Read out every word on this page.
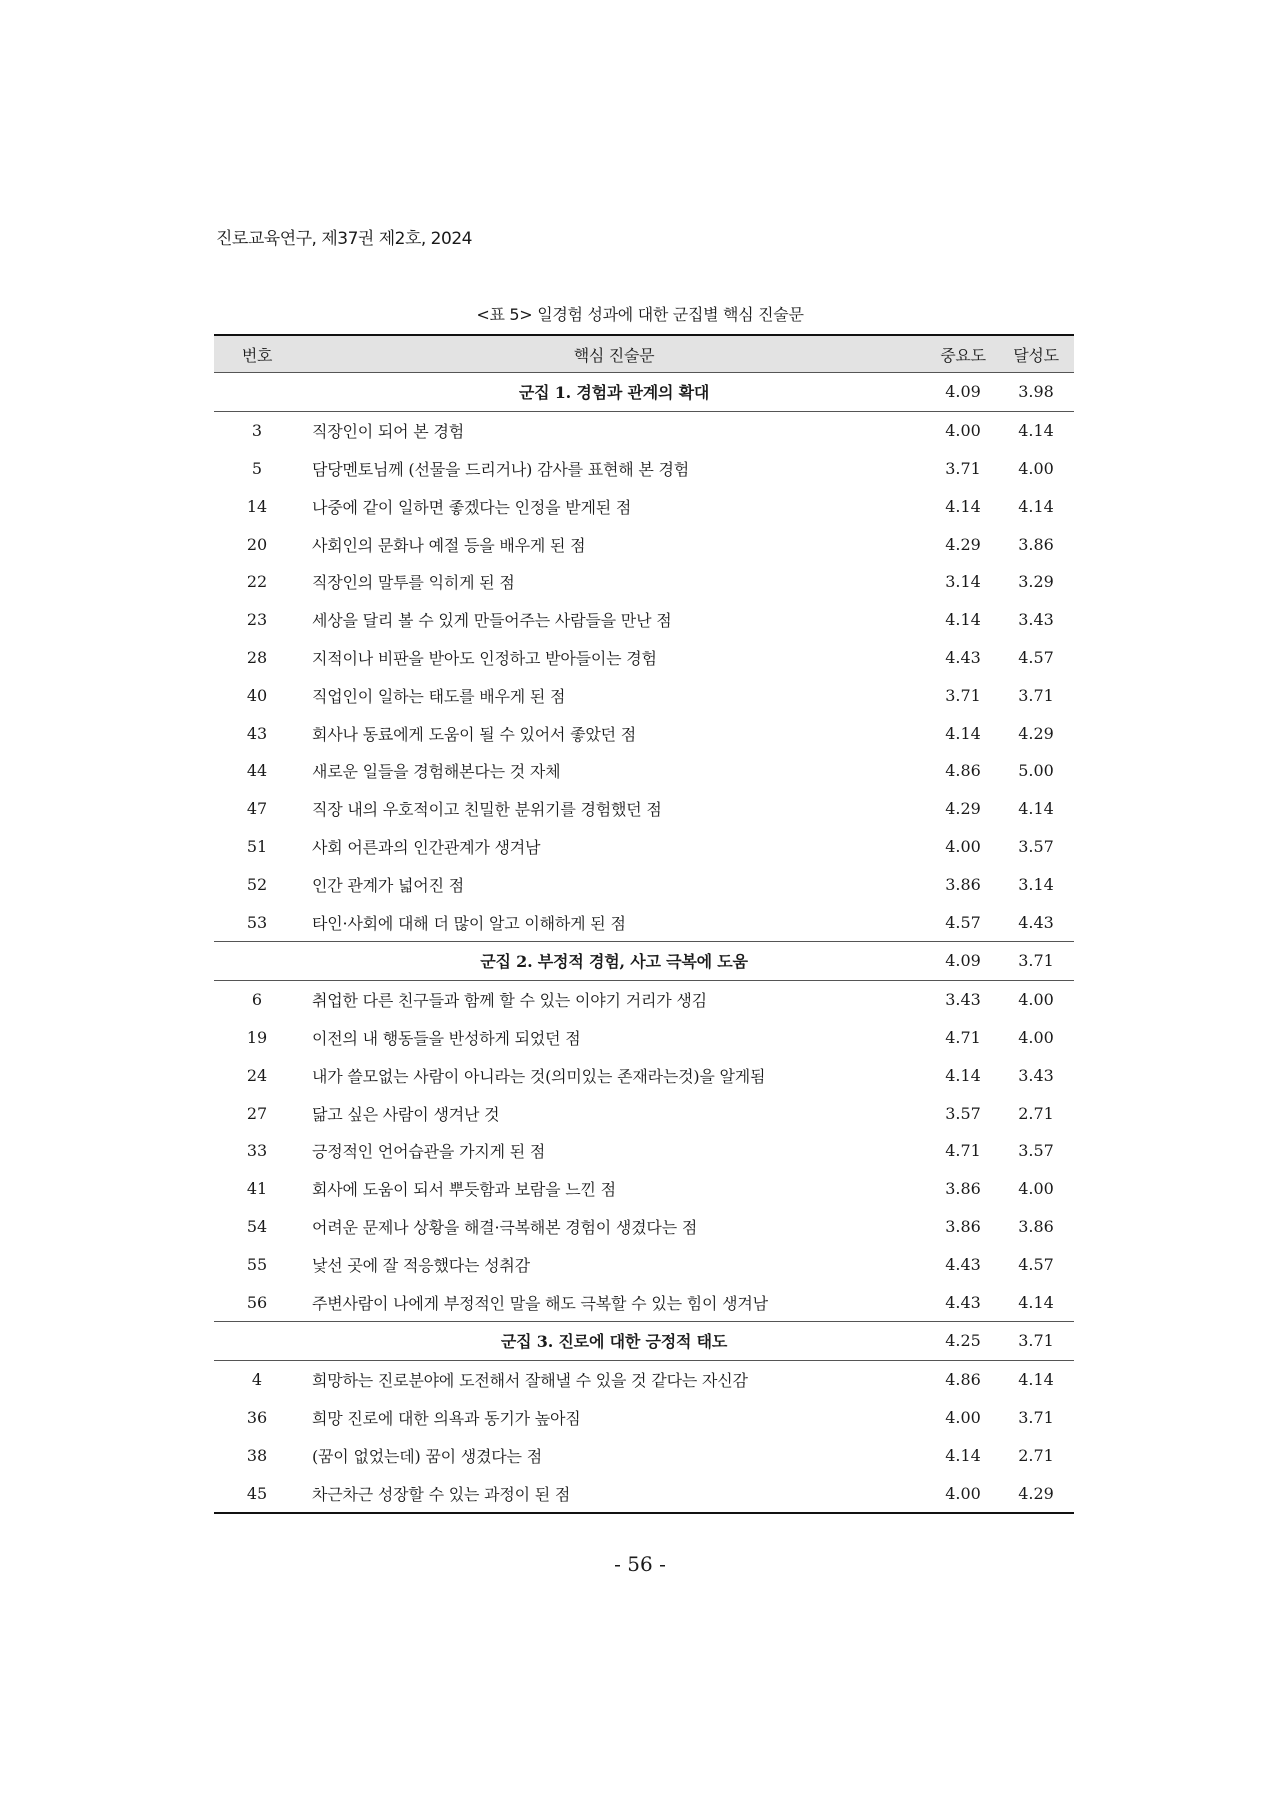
진로교육연구, 제37권 제2호, 2024
<표 5> 일경험 성과에 대한 군집별 핵심 진술문
번호	핵심 진술문	중요도	달성도
	군집 1. 경험과 관계의 확대	4.09	3.98
3	직장인이 되어 본 경험	4.00	4.14
5	담당멘토님께 (선물을 드리거나) 감사를 표현해 본 경험	3.71	4.00
14	나중에 같이 일하면 좋겠다는 인정을 받게된 점	4.14	4.14
20	사회인의 문화나 예절 등을 배우게 된 점	4.29	3.86
22	직장인의 말투를 익히게 된 점	3.14	3.29
23	세상을 달리 볼 수 있게 만들어주는 사람들을 만난 점	4.14	3.43
28	지적이나 비판을 받아도 인정하고 받아들이는 경험	4.43	4.57
40	직업인이 일하는 태도를 배우게 된 점	3.71	3.71
43	회사나 동료에게 도움이 될 수 있어서 좋았던 점	4.14	4.29
44	새로운 일들을 경험해본다는 것 자체	4.86	5.00
47	직장 내의 우호적이고 친밀한 분위기를 경험했던 점	4.29	4.14
51	사회 어른과의 인간관계가 생겨남	4.00	3.57
52	인간 관계가 넓어진 점	3.86	3.14
53	타인·사회에 대해 더 많이 알고 이해하게 된 점	4.57	4.43
	군집 2. 부정적 경험, 사고 극복에 도움	4.09	3.71
6	취업한 다른 친구들과 함께 할 수 있는 이야기 거리가 생김	3.43	4.00
19	이전의 내 행동들을 반성하게 되었던 점	4.71	4.00
24	내가 쓸모없는 사람이 아니라는 것(의미있는 존재라는것)을 알게됨	4.14	3.43
27	닮고 싶은 사람이 생겨난 것	3.57	2.71
33	긍정적인 언어습관을 가지게 된 점	4.71	3.57
41	회사에 도움이 되서 뿌듯함과 보람을 느낀 점	3.86	4.00
54	어려운 문제나 상황을 해결·극복해본 경험이 생겼다는 점	3.86	3.86
55	낯선 곳에 잘 적응했다는 성취감	4.43	4.57
56	주변사람이 나에게 부정적인 말을 해도 극복할 수 있는 힘이 생겨남	4.43	4.14
	군집 3. 진로에 대한 긍정적 태도	4.25	3.71
4	희망하는 진로분야에 도전해서 잘해낼 수 있을 것 같다는 자신감	4.86	4.14
36	희망 진로에 대한 의욕과 동기가 높아짐	4.00	3.71
38	(꿈이 없었는데) 꿈이 생겼다는 점	4.14	2.71
45	차근차근 성장할 수 있는 과정이 된 점	4.00	4.29
- 56 -
